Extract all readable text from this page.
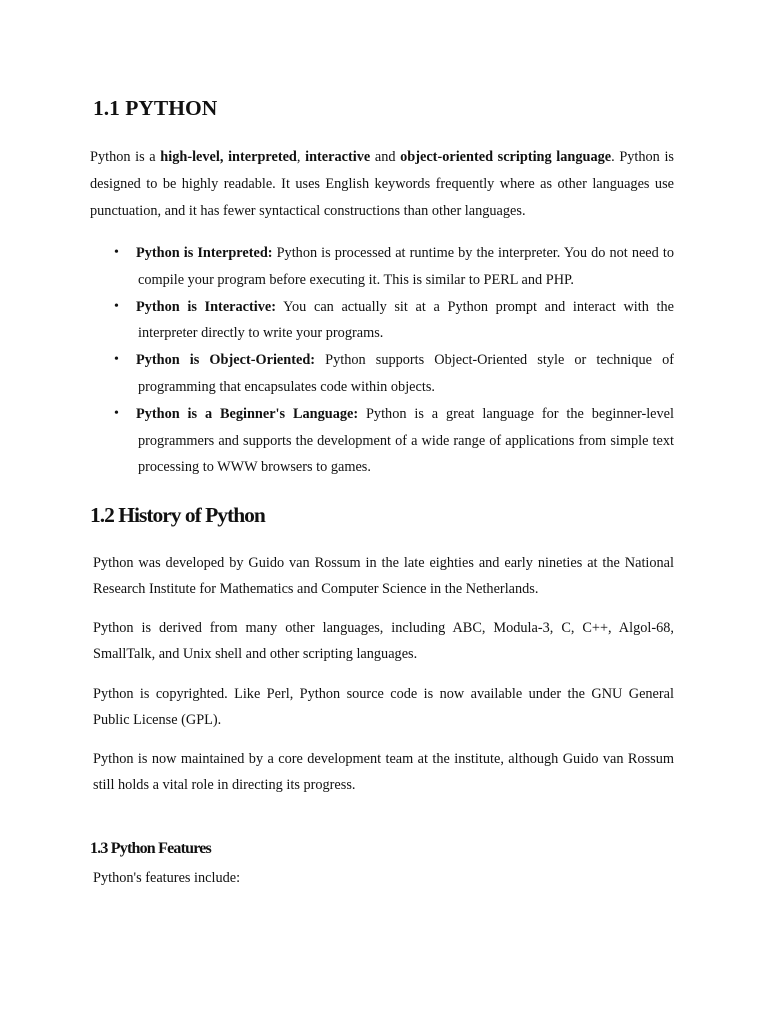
1.1 PYTHON

Python is a high-level, interpreted, interactive and object-oriented scripting language. Python is designed to be highly readable. It uses English keywords frequently where as other languages use punctuation, and it has fewer syntactical constructions than other languages.

• Python is Interpreted: Python is processed at runtime by the interpreter. You do not need to compile your program before executing it. This is similar to PERL and PHP.
• Python is Interactive: You can actually sit at a Python prompt and interact with the interpreter directly to write your programs.
• Python is Object-Oriented: Python supports Object-Oriented style or technique of programming that encapsulates code within objects.
• Python is a Beginner's Language: Python is a great language for the beginner-level programmers and supports the development of a wide range of applications from simple text processing to WWW browsers to games.
1.2 History of Python

Python was developed by Guido van Rossum in the late eighties and early nineties at the National Research Institute for Mathematics and Computer Science in the Netherlands.

Python is derived from many other languages, including ABC, Modula-3, C, C++, Algol-68, SmallTalk, and Unix shell and other scripting languages.

Python is copyrighted. Like Perl, Python source code is now available under the GNU General Public License (GPL).

Python is now maintained by a core development team at the institute, although Guido van Rossum still holds a vital role in directing its progress.

1.3 Python Features

Python's features include:
